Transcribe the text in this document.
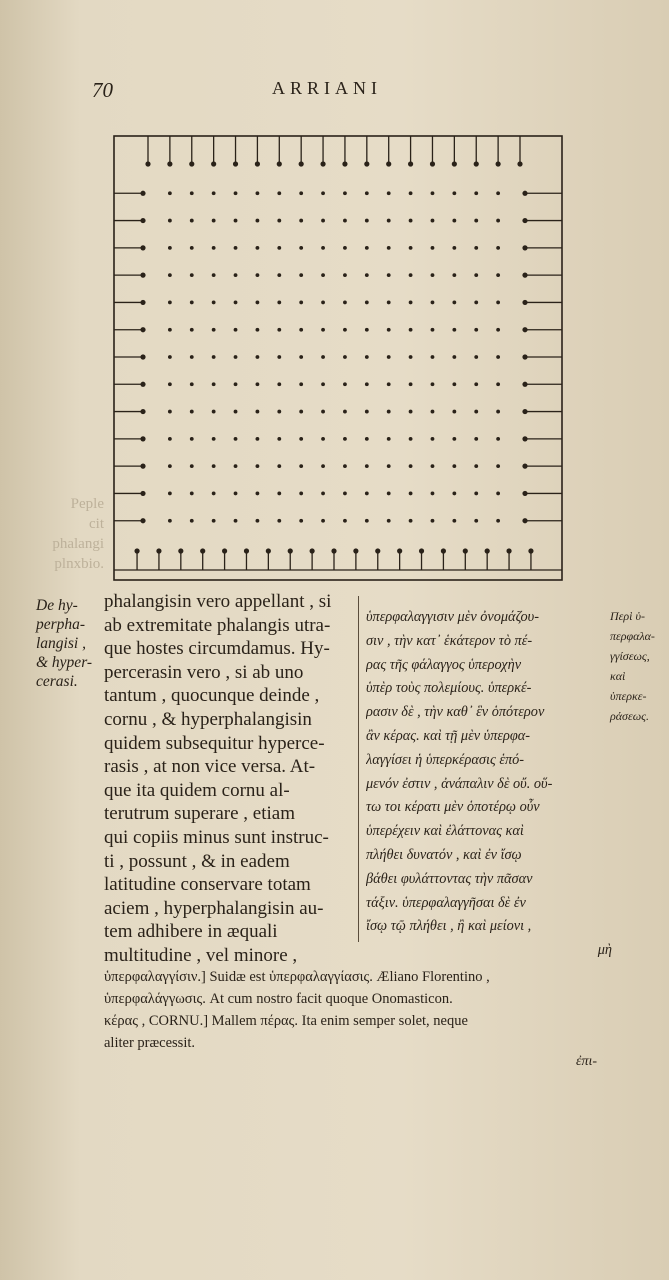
70	ARRIANI
Peple
cit
phalangi
plnxbio.
De hy-
perpha-
langisi ,
& hyper-
cerasi.
phalangisin vero appellant , si
ab extremitate phalangis utra-
que hostes circumdamus. Hy-
percerasin vero , si ab uno
tantum , quocunque deinde ,
cornu , & hyperphalangisin
quidem subsequitur hyperce-
rasis , at non vice versa. At-
que ita quidem cornu al-
terutrum superare , etiam
qui copiis minus sunt instruc-
ti , possunt , & in eadem
latitudine conservare totam
aciem , hyperphalangisin au-
tem adhibere in æquali
multitudine , vel minore ,
ὑπερφαλαγγισιν μὲν ὀνομάζου-
σιν , τὴν κατ᾽ ἑκάτερον τὸ πέ-
ρας τῆς φάλαγγος ὑπεροχὴν
ὑπὲρ τοὺς πολεμίους. ὑπερκέ-
ρασιν δὲ , τὴν καθ᾽ ἓν ὁπότερον
ἂν κέρας. καὶ τῇ μὲν ὑπερφα-
λαγγίσει ἡ ὑπερκέρασις ἑπό-
μενόν ἐστιν , ἀνάπαλιν δὲ οὔ. οὕ-
τω τοι κέρατι μὲν ὁποτέρῳ οὖν
ὑπερέχειν καὶ ἐλάττονας καὶ
πλήθει δυνατόν , καὶ ἐν ἴσῳ
βάθει φυλάττοντας τὴν πᾶσαν
τάξιν. ὑπερφαλαγγῆσαι δὲ ἐν
ἴσῳ τῷ πλήθει , ἢ καὶ μείονι ,
μὴ
Περὶ ὑ-
περφαλα-
γγίσεως,
καὶ
ὑπερκε-
ράσεως.
ὑπερφαλαγγίσιν.] Suidæ est ὑπερφαλαγγίασις. Æliano Florentino ,
ὑπερφαλάγγωσις. At cum nostro facit quoque Onomasticon.
κέρας , CORNU.] Mallem πέρας. Ita enim semper solet, neque
aliter præcessit.
ἐπι-
